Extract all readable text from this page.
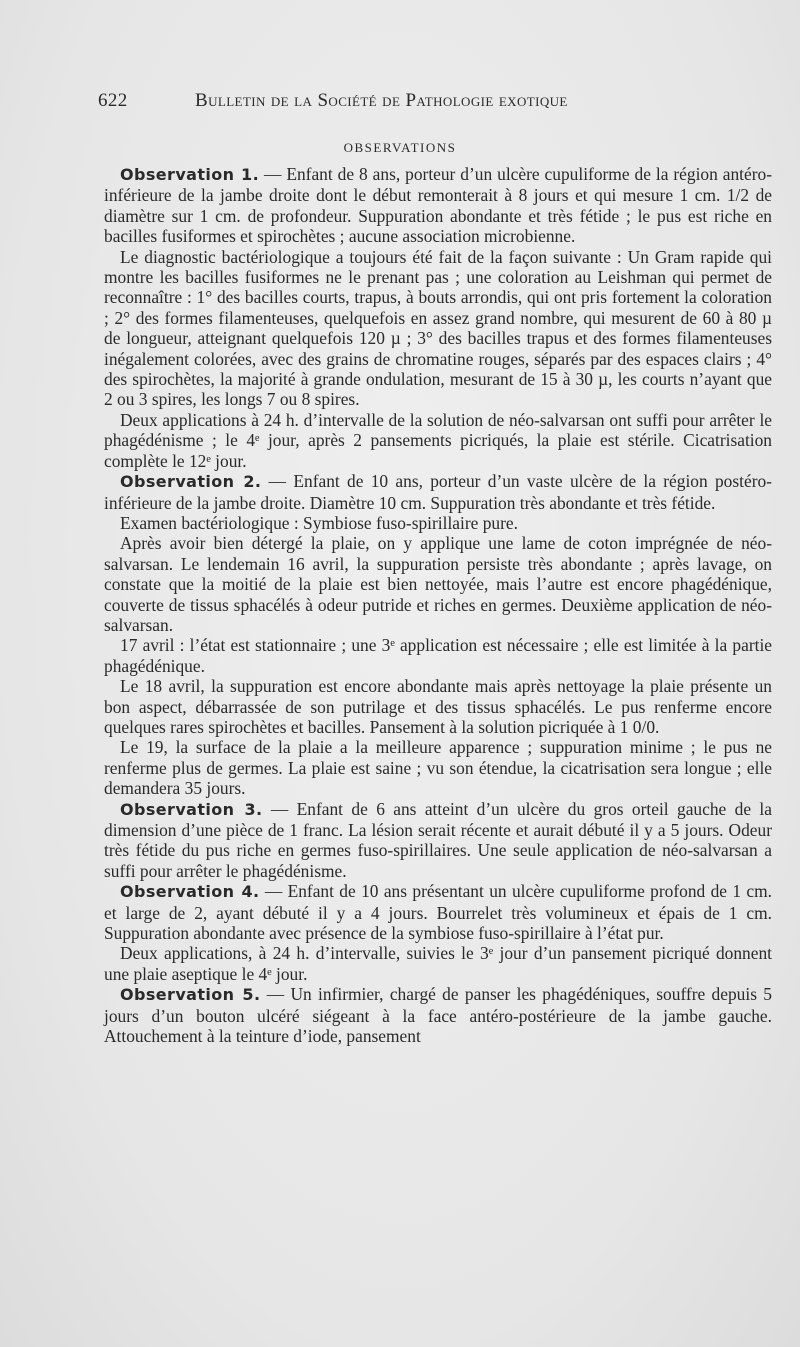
622	Bulletin de la Société de Pathologie exotique
OBSERVATIONS

Observation 1. — Enfant de 8 ans, porteur d’un ulcère cupuliforme de la région antéro-inférieure de la jambe droite dont le début remonterait à 8 jours et qui mesure 1 cm. 1/2 de diamètre sur 1 cm. de profondeur. Suppuration abondante et très fétide ; le pus est riche en bacilles fusiformes et spirochètes ; aucune association microbienne.

Le diagnostic bactériologique a toujours été fait de la façon suivante : Un Gram rapide qui montre les bacilles fusiformes ne le prenant pas ; une coloration au Leishman qui permet de reconnaître : 1° des bacilles courts, trapus, à bouts arrondis, qui ont pris fortement la coloration ; 2° des formes filamenteuses, quelquefois en assez grand nombre, qui mesurent de 60 à 80 µ de longueur, atteignant quelquefois 120 µ ; 3° des bacilles trapus et des formes filamenteuses inégalement colorées, avec des grains de chromatine rouges, séparés par des espaces clairs ; 4° des spirochètes, la majorité à grande ondulation, mesurant de 15 à 30 µ, les courts n’ayant que 2 ou 3 spires, les longs 7 ou 8 spires.

Deux applications à 24 h. d’intervalle de la solution de néo-salvarsan ont suffi pour arrêter le phagédénisme ; le 4ᵉ jour, après 2 pansements picriqués, la plaie est stérile. Cicatrisation complète le 12ᵉ jour.

Observation 2. — Enfant de 10 ans, porteur d’un vaste ulcère de la région postéro-inférieure de la jambe droite. Diamètre 10 cm. Suppuration très abondante et très fétide.

Examen bactériologique : Symbiose fuso-spirillaire pure.

Après avoir bien détergé la plaie, on y applique une lame de coton imprégnée de néo-salvarsan. Le lendemain 16 avril, la suppuration persiste très abondante ; après lavage, on constate que la moitié de la plaie est bien nettoyée, mais l’autre est encore phagédénique, couverte de tissus sphacélés à odeur putride et riches en germes. Deuxième application de néo-salvarsan.

17 avril : l’état est stationnaire ; une 3ᵉ application est nécessaire ; elle est limitée à la partie phagédénique.

Le 18 avril, la suppuration est encore abondante mais après nettoyage la plaie présente un bon aspect, débarrassée de son putrilage et des tissus sphacélés. Le pus renferme encore quelques rares spirochètes et bacilles. Pansement à la solution picriquée à 1 0/0.

Le 19, la surface de la plaie a la meilleure apparence ; suppuration minime ; le pus ne renferme plus de germes. La plaie est saine ; vu son étendue, la cicatrisation sera longue ; elle demandera 35 jours.

Observation 3. — Enfant de 6 ans atteint d’un ulcère du gros orteil gauche de la dimension d’une pièce de 1 franc. La lésion serait récente et aurait débuté il y a 5 jours. Odeur très fétide du pus riche en germes fuso-spirillaires. Une seule application de néo-salvarsan a suffi pour arrêter le phagédénisme.

Observation 4. — Enfant de 10 ans présentant un ulcère cupuliforme profond de 1 cm. et large de 2, ayant débuté il y a 4 jours. Bourrelet très volumineux et épais de 1 cm. Suppuration abondante avec présence de la symbiose fuso-spirillaire à l’état pur.

Deux applications, à 24 h. d’intervalle, suivies le 3ᵉ jour d’un pansement picriqué donnent une plaie aseptique le 4ᵉ jour.

Observation 5. — Un infirmier, chargé de panser les phagédéniques, souffre depuis 5 jours d’un bouton ulcéré siégeant à la face antéro-postérieure de la jambe gauche. Attouchement à la teinture d’iode, pansement
